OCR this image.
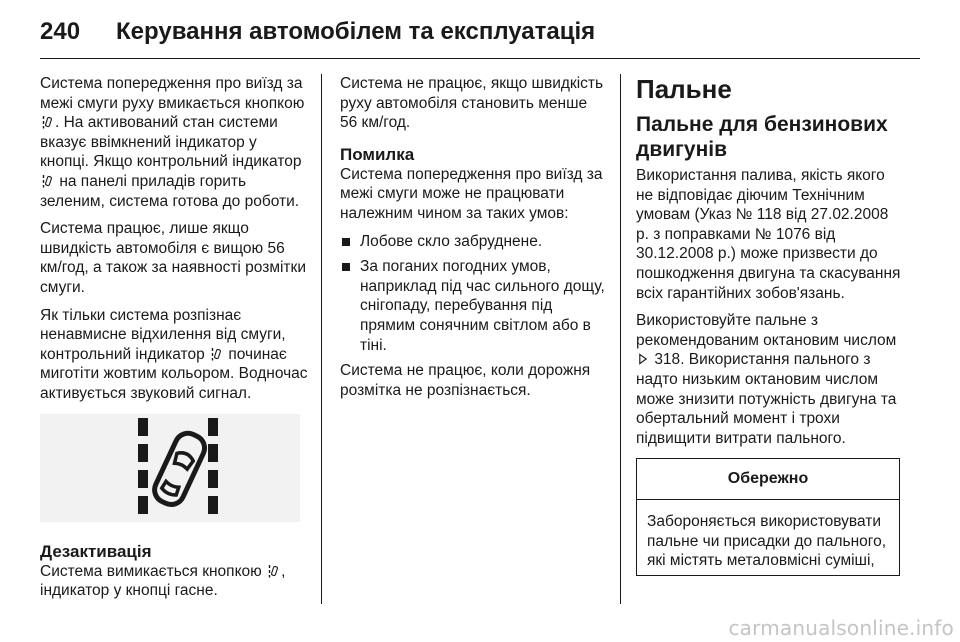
240	Керування автомобілем та експлуатація

Система попередження про виїзд за межі смуги руху вмикається кнопкою . На активований стан системи вказує ввімкнений індикатор у кнопці. Якщо контрольний індикатор  на панелі приладів горить зеленим, система готова до роботи.

Система працює, лише якщо швидкість автомобіля є вищою 56 км/год, а також за наявності розмітки смуги.

Як тільки система розпізнає ненавмисне відхилення від смуги, контрольний індикатор починає миготіти жовтим кольором. Водночас активується звуковий сигнал.

Дезактивація

Система вимикається кнопкою , індикатор у кнопці гасне.

Система не працює, якщо швидкість руху автомобіля становить менше 56 км/год.

Помилка

Система попередження про виїзд за межі смуги може не працювати належним чином за таких умов:

Лобове скло забруднене.
За поганих погодних умов, наприклад під час сильного дощу, снігопаду, перебування під прямим сонячним світлом або в тіні.

Система не працює, коли дорожня розмітка не розпізнається.

Пальне
Пальне для бензинових двигунів

Використання палива, якість якого не відповідає діючим Технічним умовам (Указ № 118 від 27.02.2008 р. з поправками № 1076 від 30.12.2008 р.) може призвести до пошкодження двигуна та скасування всіх гарантійних зобов'язань.

Використовуйте пальне з рекомендованим октановим числом  318. Використання пального з надто низьким октановим числом може знизити потужність двигуна та обертальний момент і трохи підвищити витрати пального.

Обережно
Забороняється використовувати пальне чи присадки до пального, які містять металовмісні суміші,
carmanualsonline.info
